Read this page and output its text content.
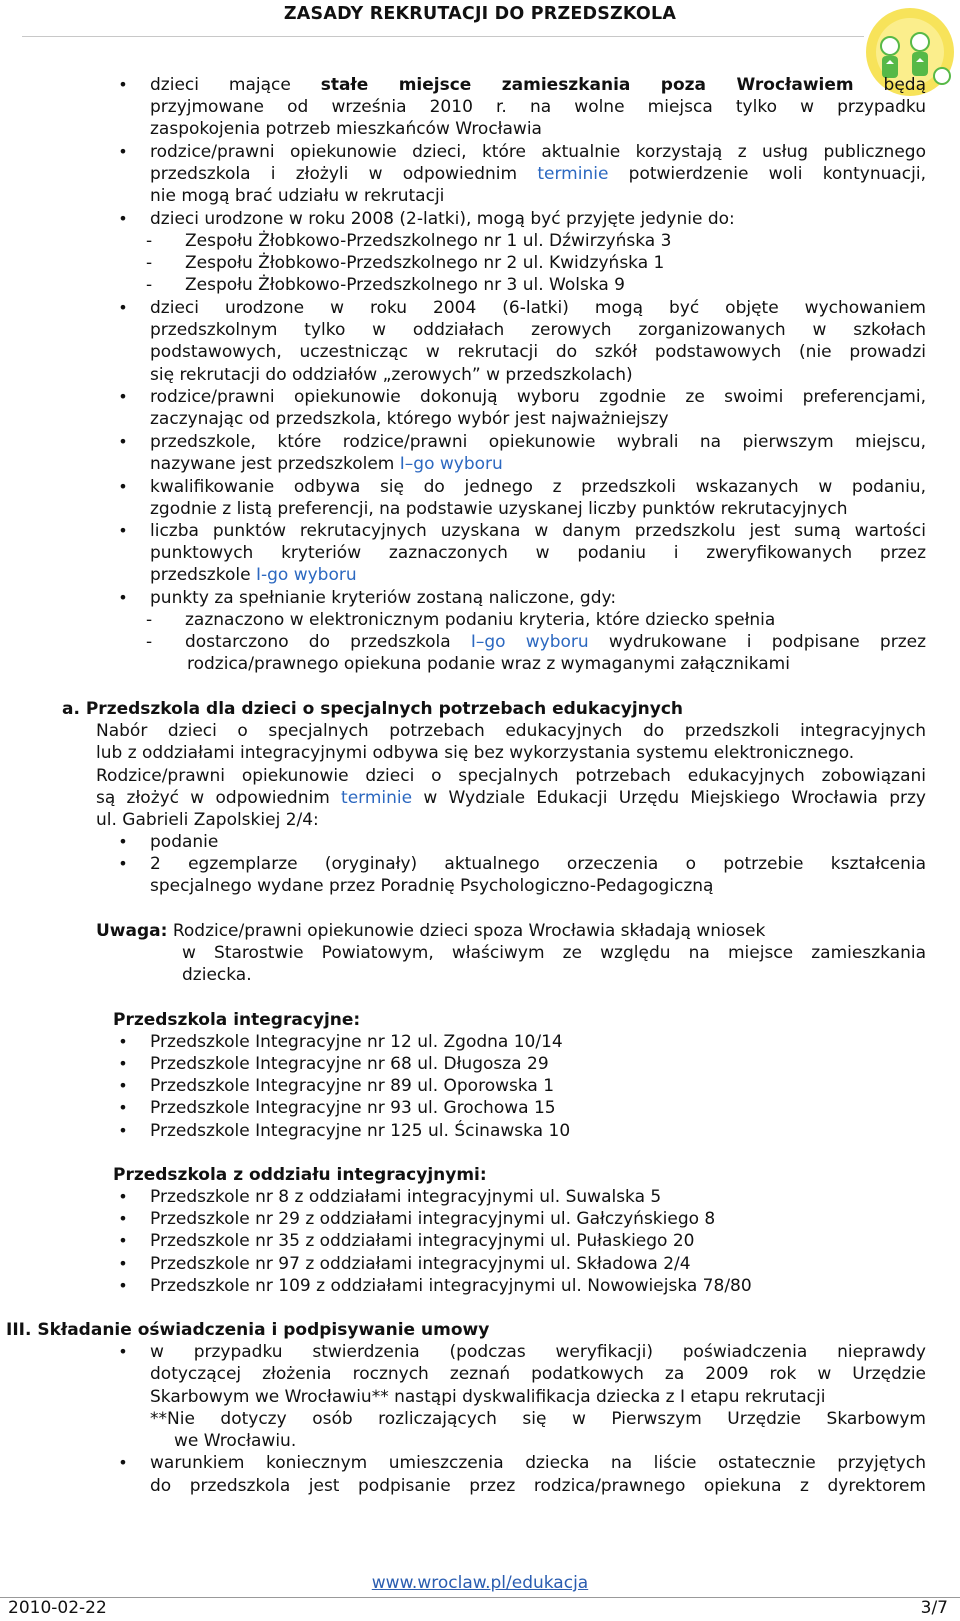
ZASADY REKRUTACJI DO PRZEDSZKOLA
• dzieci mające stałe miejsce zamieszkania poza Wrocławiem będą
przyjmowane od września 2010 r. na wolne miejsca tylko w przypadku
zaspokojenia potrzeb mieszkańców Wrocławia
• rodzice/prawni opiekunowie dzieci, które aktualnie korzystają z usług publicznego
przedszkola i złożyli w odpowiednim terminie potwierdzenie woli kontynuacji,
nie mogą brać udziału w rekrutacji
• dzieci urodzone w roku 2008 (2-latki), mogą być przyjęte jedynie do:
- Zespołu Żłobkowo-Przedszkolnego nr 1 ul. Dźwirzyńska 3
- Zespołu Żłobkowo-Przedszkolnego nr 2 ul. Kwidzyńska 1
- Zespołu Żłobkowo-Przedszkolnego nr 3 ul. Wolska 9
• dzieci urodzone w roku 2004 (6-latki) mogą być objęte wychowaniem
przedszkolnym tylko w oddziałach zerowych zorganizowanych w szkołach
podstawowych, uczestnicząc w rekrutacji do szkół podstawowych (nie prowadzi
się rekrutacji do oddziałów „zerowych” w przedszkolach)
• rodzice/prawni opiekunowie dokonują wyboru zgodnie ze swoimi preferencjami,
zaczynając od przedszkola, którego wybór jest najważniejszy
• przedszkole, które rodzice/prawni opiekunowie wybrali na pierwszym miejscu,
nazywane jest przedszkolem I–go wyboru
• kwalifikowanie odbywa się do jednego z przedszkoli wskazanych w podaniu,
zgodnie z listą preferencji, na podstawie uzyskanej liczby punktów rekrutacyjnych
• liczba punktów rekrutacyjnych uzyskana w danym przedszkolu jest sumą wartości
punktowych kryteriów zaznaczonych w podaniu i zweryfikowanych przez
przedszkole I-go wyboru
• punkty za spełnianie kryteriów zostaną naliczone, gdy:
- zaznaczono w elektronicznym podaniu kryteria, które dziecko spełnia
- dostarczono do przedszkola I–go wyboru wydrukowane i podpisane przez
rodzica/prawnego opiekuna podanie wraz z wymaganymi załącznikami
a. Przedszkola dla dzieci o specjalnych potrzebach edukacyjnych
Nabór dzieci o specjalnych potrzebach edukacyjnych do przedszkoli integracyjnych
lub z oddziałami integracyjnymi odbywa się bez wykorzystania systemu elektronicznego.
Rodzice/prawni opiekunowie dzieci o specjalnych potrzebach edukacyjnych zobowiązani
są złożyć w odpowiednim terminie w Wydziale Edukacji Urzędu Miejskiego Wrocławia przy
ul. Gabrieli Zapolskiej 2/4:
• podanie
• 2 egzemplarze (oryginały) aktualnego orzeczenia o potrzebie kształcenia
specjalnego wydane przez Poradnię Psychologiczno-Pedagogiczną
Uwaga: Rodzice/prawni opiekunowie dzieci spoza Wrocławia składają wniosek
w Starostwie Powiatowym, właściwym ze względu na miejsce zamieszkania
dziecka.
Przedszkola integracyjne:
• Przedszkole Integracyjne nr 12 ul. Zgodna 10/14
• Przedszkole Integracyjne nr 68 ul. Długosza 29
• Przedszkole Integracyjne nr 89 ul. Oporowska 1
• Przedszkole Integracyjne nr 93 ul. Grochowa 15
• Przedszkole Integracyjne nr 125 ul. Ścinawska 10
Przedszkola z oddziału integracyjnymi:
• Przedszkole nr 8 z oddziałami integracyjnymi ul. Suwalska 5
• Przedszkole nr 29 z oddziałami integracyjnymi ul. Gałczyńskiego 8
• Przedszkole nr 35 z oddziałami integracyjnymi ul. Pułaskiego 20
• Przedszkole nr 97 z oddziałami integracyjnymi ul. Składowa 2/4
• Przedszkole nr 109 z oddziałami integracyjnymi ul. Nowowiejska 78/80
III. Składanie oświadczenia i podpisywanie umowy
• w przypadku stwierdzenia (podczas weryfikacji) poświadczenia nieprawdy
dotyczącej złożenia rocznych zeznań podatkowych za 2009 rok w Urzędzie
Skarbowym we Wrocławiu** nastąpi dyskwalifikacja dziecka z I etapu rekrutacji
**Nie dotyczy osób rozliczających się w Pierwszym Urzędzie Skarbowym
we Wrocławiu.
• warunkiem koniecznym umieszczenia dziecka na liście ostatecznie przyjętych
do przedszkola jest podpisanie przez rodzica/prawnego opiekuna z dyrektorem
www.wroclaw.pl/edukacja
2010-02-22	3/7
